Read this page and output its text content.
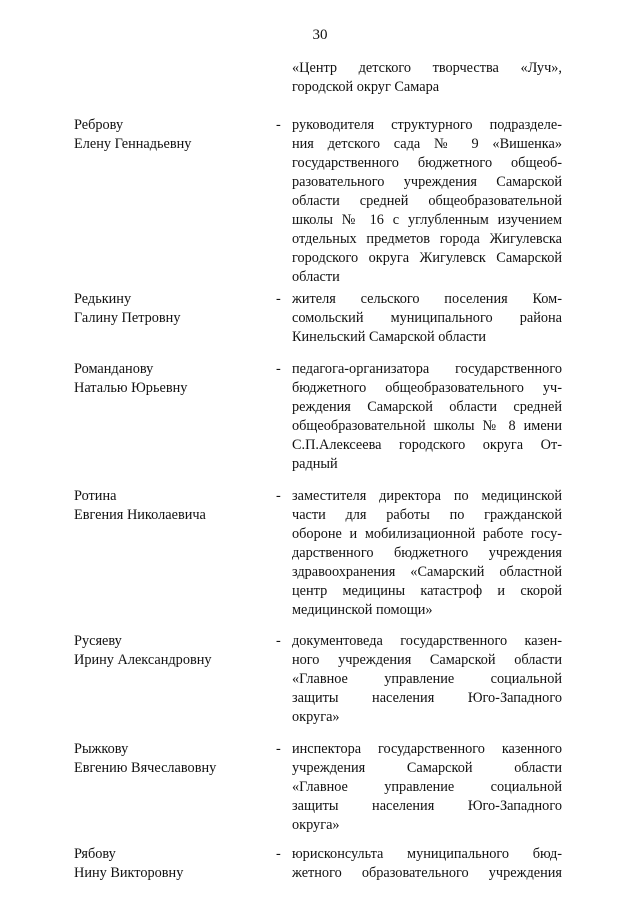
30
«Центр детского творчества «Луч»,
городской округ Самара
Реброву
Елену Геннадьевну
- руководителя структурного подразделе-
ния детского сада № 9 «Вишенка»
государственного бюджетного общеоб-
разовательного учреждения Самарской
области средней общеобразовательной
школы № 16 с углубленным изучением
отдельных предметов города Жигулевска
городского округа Жигулевск Самарской
области
Редькину
Галину Петровну
- жителя сельского поселения Ком-
сомольский муниципального района
Кинельский Самарской области
Романданову
Наталью Юрьевну
- педагога-организатора государственного
бюджетного общеобразовательного уч-
реждения Самарской области средней
общеобразовательной школы № 8 имени
С.П.Алексеева городского округа От-
радный
Ротина
Евгения Николаевича
- заместителя директора по медицинской
части для работы по гражданской
обороне и мобилизационной работе госу-
дарственного бюджетного учреждения
здравоохранения «Самарский областной
центр медицины катастроф и скорой
медицинской помощи»
Русяеву
Ирину Александровну
- документоведа государственного казен-
ного учреждения Самарской области
«Главное управление социальной
защиты населения Юго-Западного
округа»
Рыжкову
Евгению Вячеславовну
- инспектора государственного казенного
учреждения Самарской области
«Главное управление социальной
защиты населения Юго-Западного
округа»
Рябову
Нину Викторовну
- юрисконсульта муниципального бюд-
жетного образовательного учреждения
